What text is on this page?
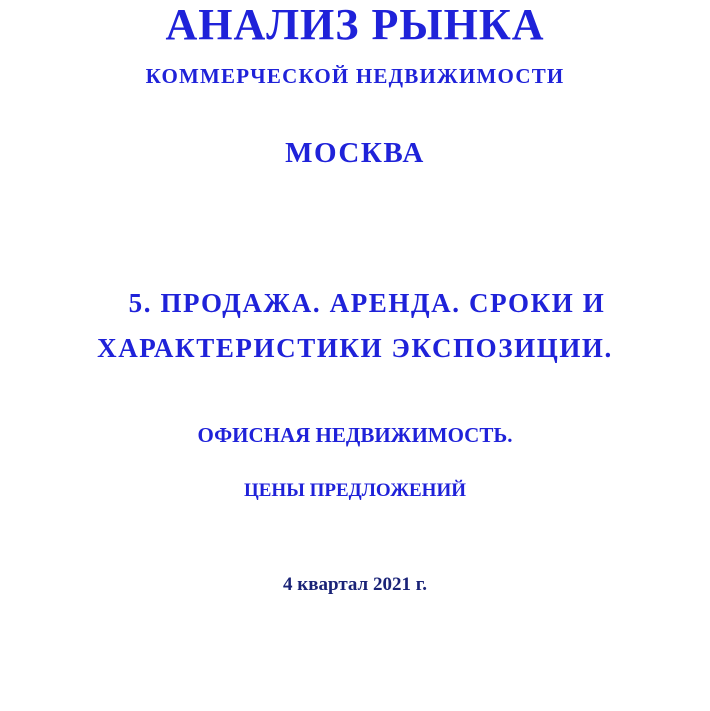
АНАЛИЗ РЫНКА
КОММЕРЧЕСКОЙ НЕДВИЖИМОСТИ
МОСКВА
5. ПРОДАЖА. АРЕНДА. СРОКИ И
ХАРАКТЕРИСТИКИ ЭКСПОЗИЦИИ.
ОФИСНАЯ НЕДВИЖИМОСТЬ.
ЦЕНЫ ПРЕДЛОЖЕНИЙ
4 квартал 2021 г.
